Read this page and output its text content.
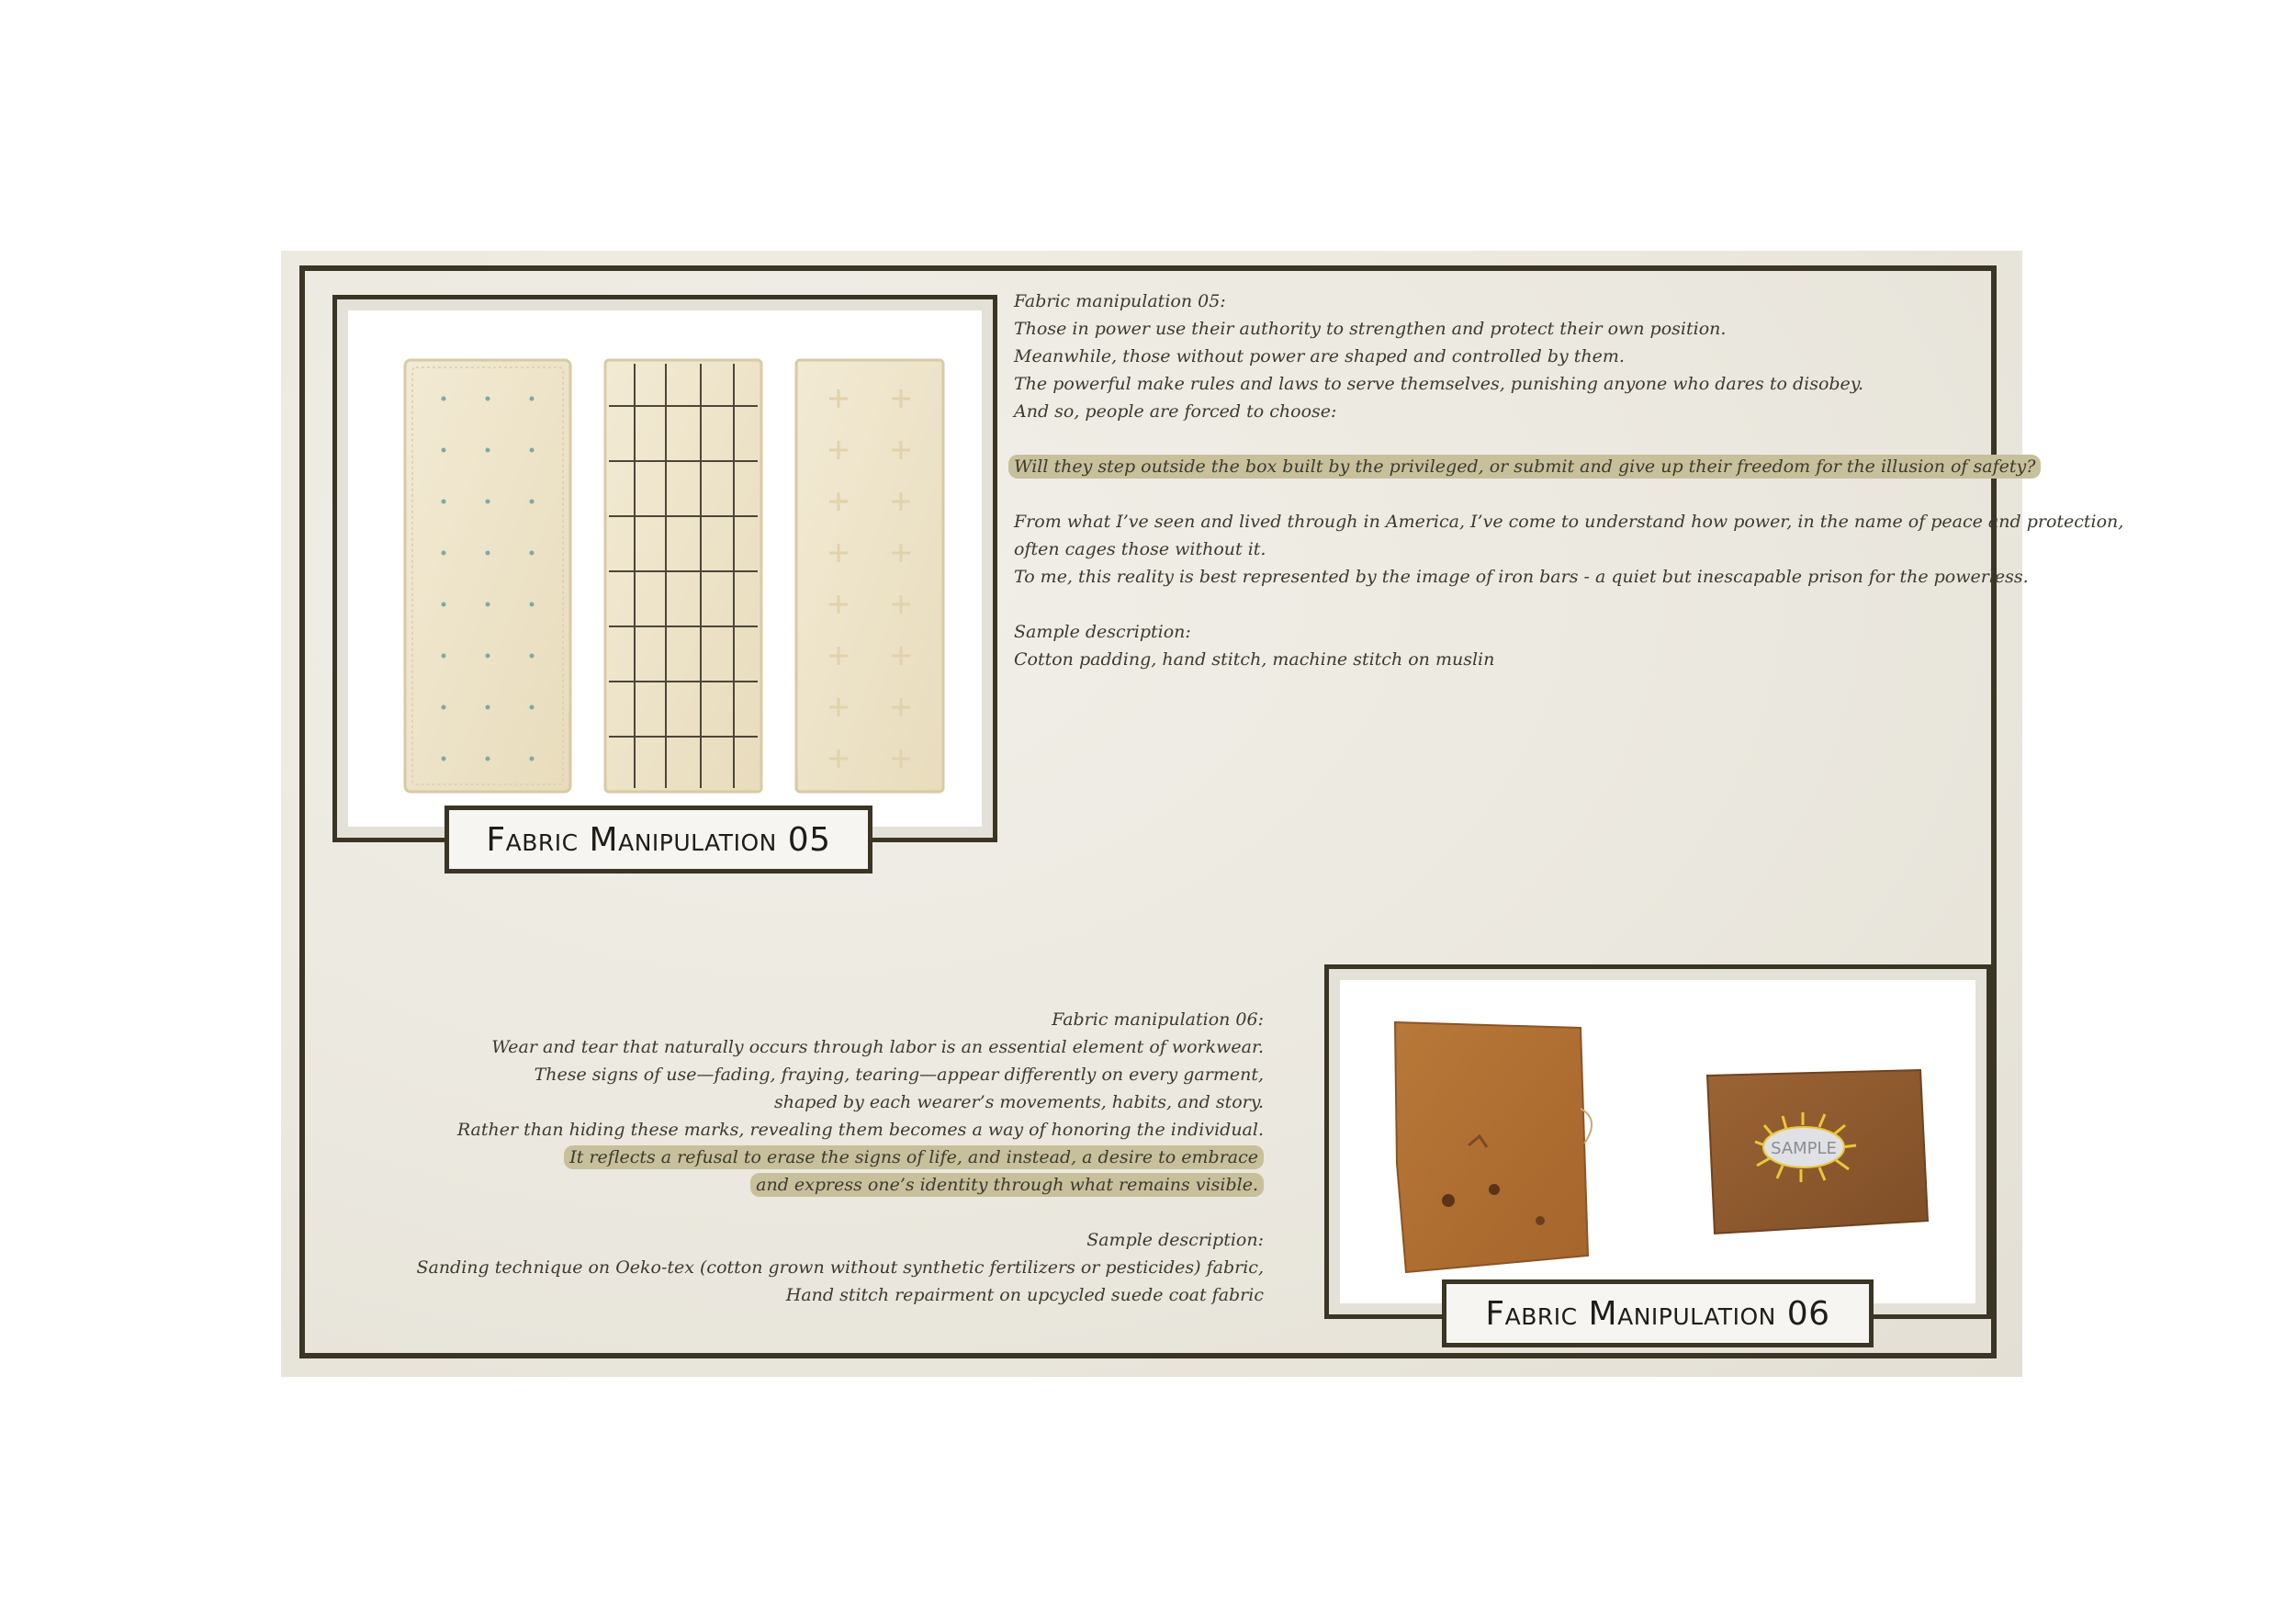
Fabric Manipulation 05

Fabric manipulation 05:

Those in power use their authority to strengthen and protect their own position.

Meanwhile, those without power are shaped and controlled by them.

The powerful make rules and laws to serve themselves, punishing anyone who dares to disobey.

And so, people are forced to choose:

Will they step outside the box built by the privileged, or submit and give up their freedom for the illusion of safety?

From what I’ve seen and lived through in America, I’ve come to understand how power, in the name of peace and protection,

often cages those without it.

To me, this reality is best represented by the image of iron bars - a quiet but inescapable prison for the powerless.

Sample description:

Cotton padding, hand stitch, machine stitch on muslin

Fabric manipulation 06:

Wear and tear that naturally occurs through labor is an essential element of workwear.

These signs of use—fading, fraying, tearing—appear differently on every garment,

shaped by each wearer’s movements, habits, and story.

Rather than hiding these marks, revealing them becomes a way of honoring the individual.

It reflects a refusal to erase the signs of life, and instead, a desire to embrace

and express one’s identity through what remains visible.

Sample description:

Sanding technique on Oeko-tex (cotton grown without synthetic fertilizers or pesticides) fabric,

Hand stitch repairment on upcycled suede coat fabric

SAMPLE
Fabric Manipulation 06
